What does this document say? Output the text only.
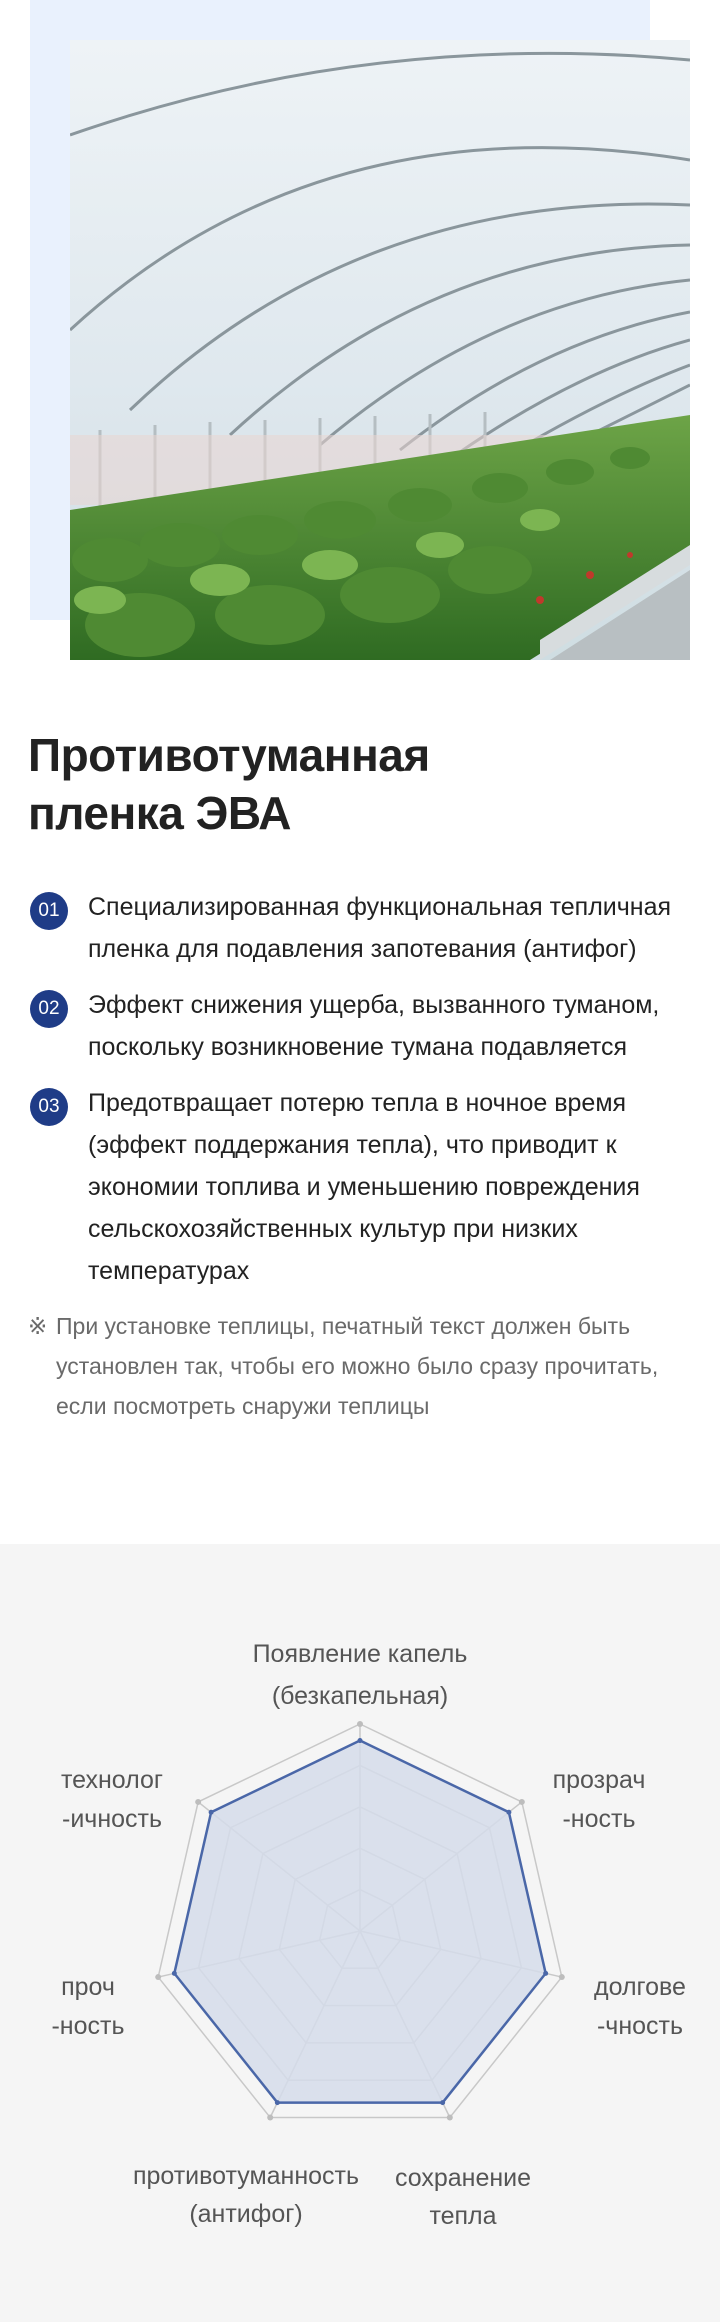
Противотуманная
пленка ЭВА
01	Специализированная функциональная тепличная пленка для подавления запотевания (антифог)
02	Эффект снижения ущерба, вызванного туманом, поскольку возникновение тумана подавляется
03	Предотвращает потерю тепла в ночное время (эффект поддержания тепла), что приводит к экономии топлива и уменьшению повреждения сельскохозяйственных культур при низких температурах
※ При установке теплицы, печатный текст должен быть установлен так, чтобы его можно было сразу прочитать, если посмотреть снаружи теплицы
Появление капель
(безкапельная)
прозрач
-ность
долгове
-чность
сохранение
тепла
противотуманность
(антифог)
проч
-ность
технолог
-ичность
